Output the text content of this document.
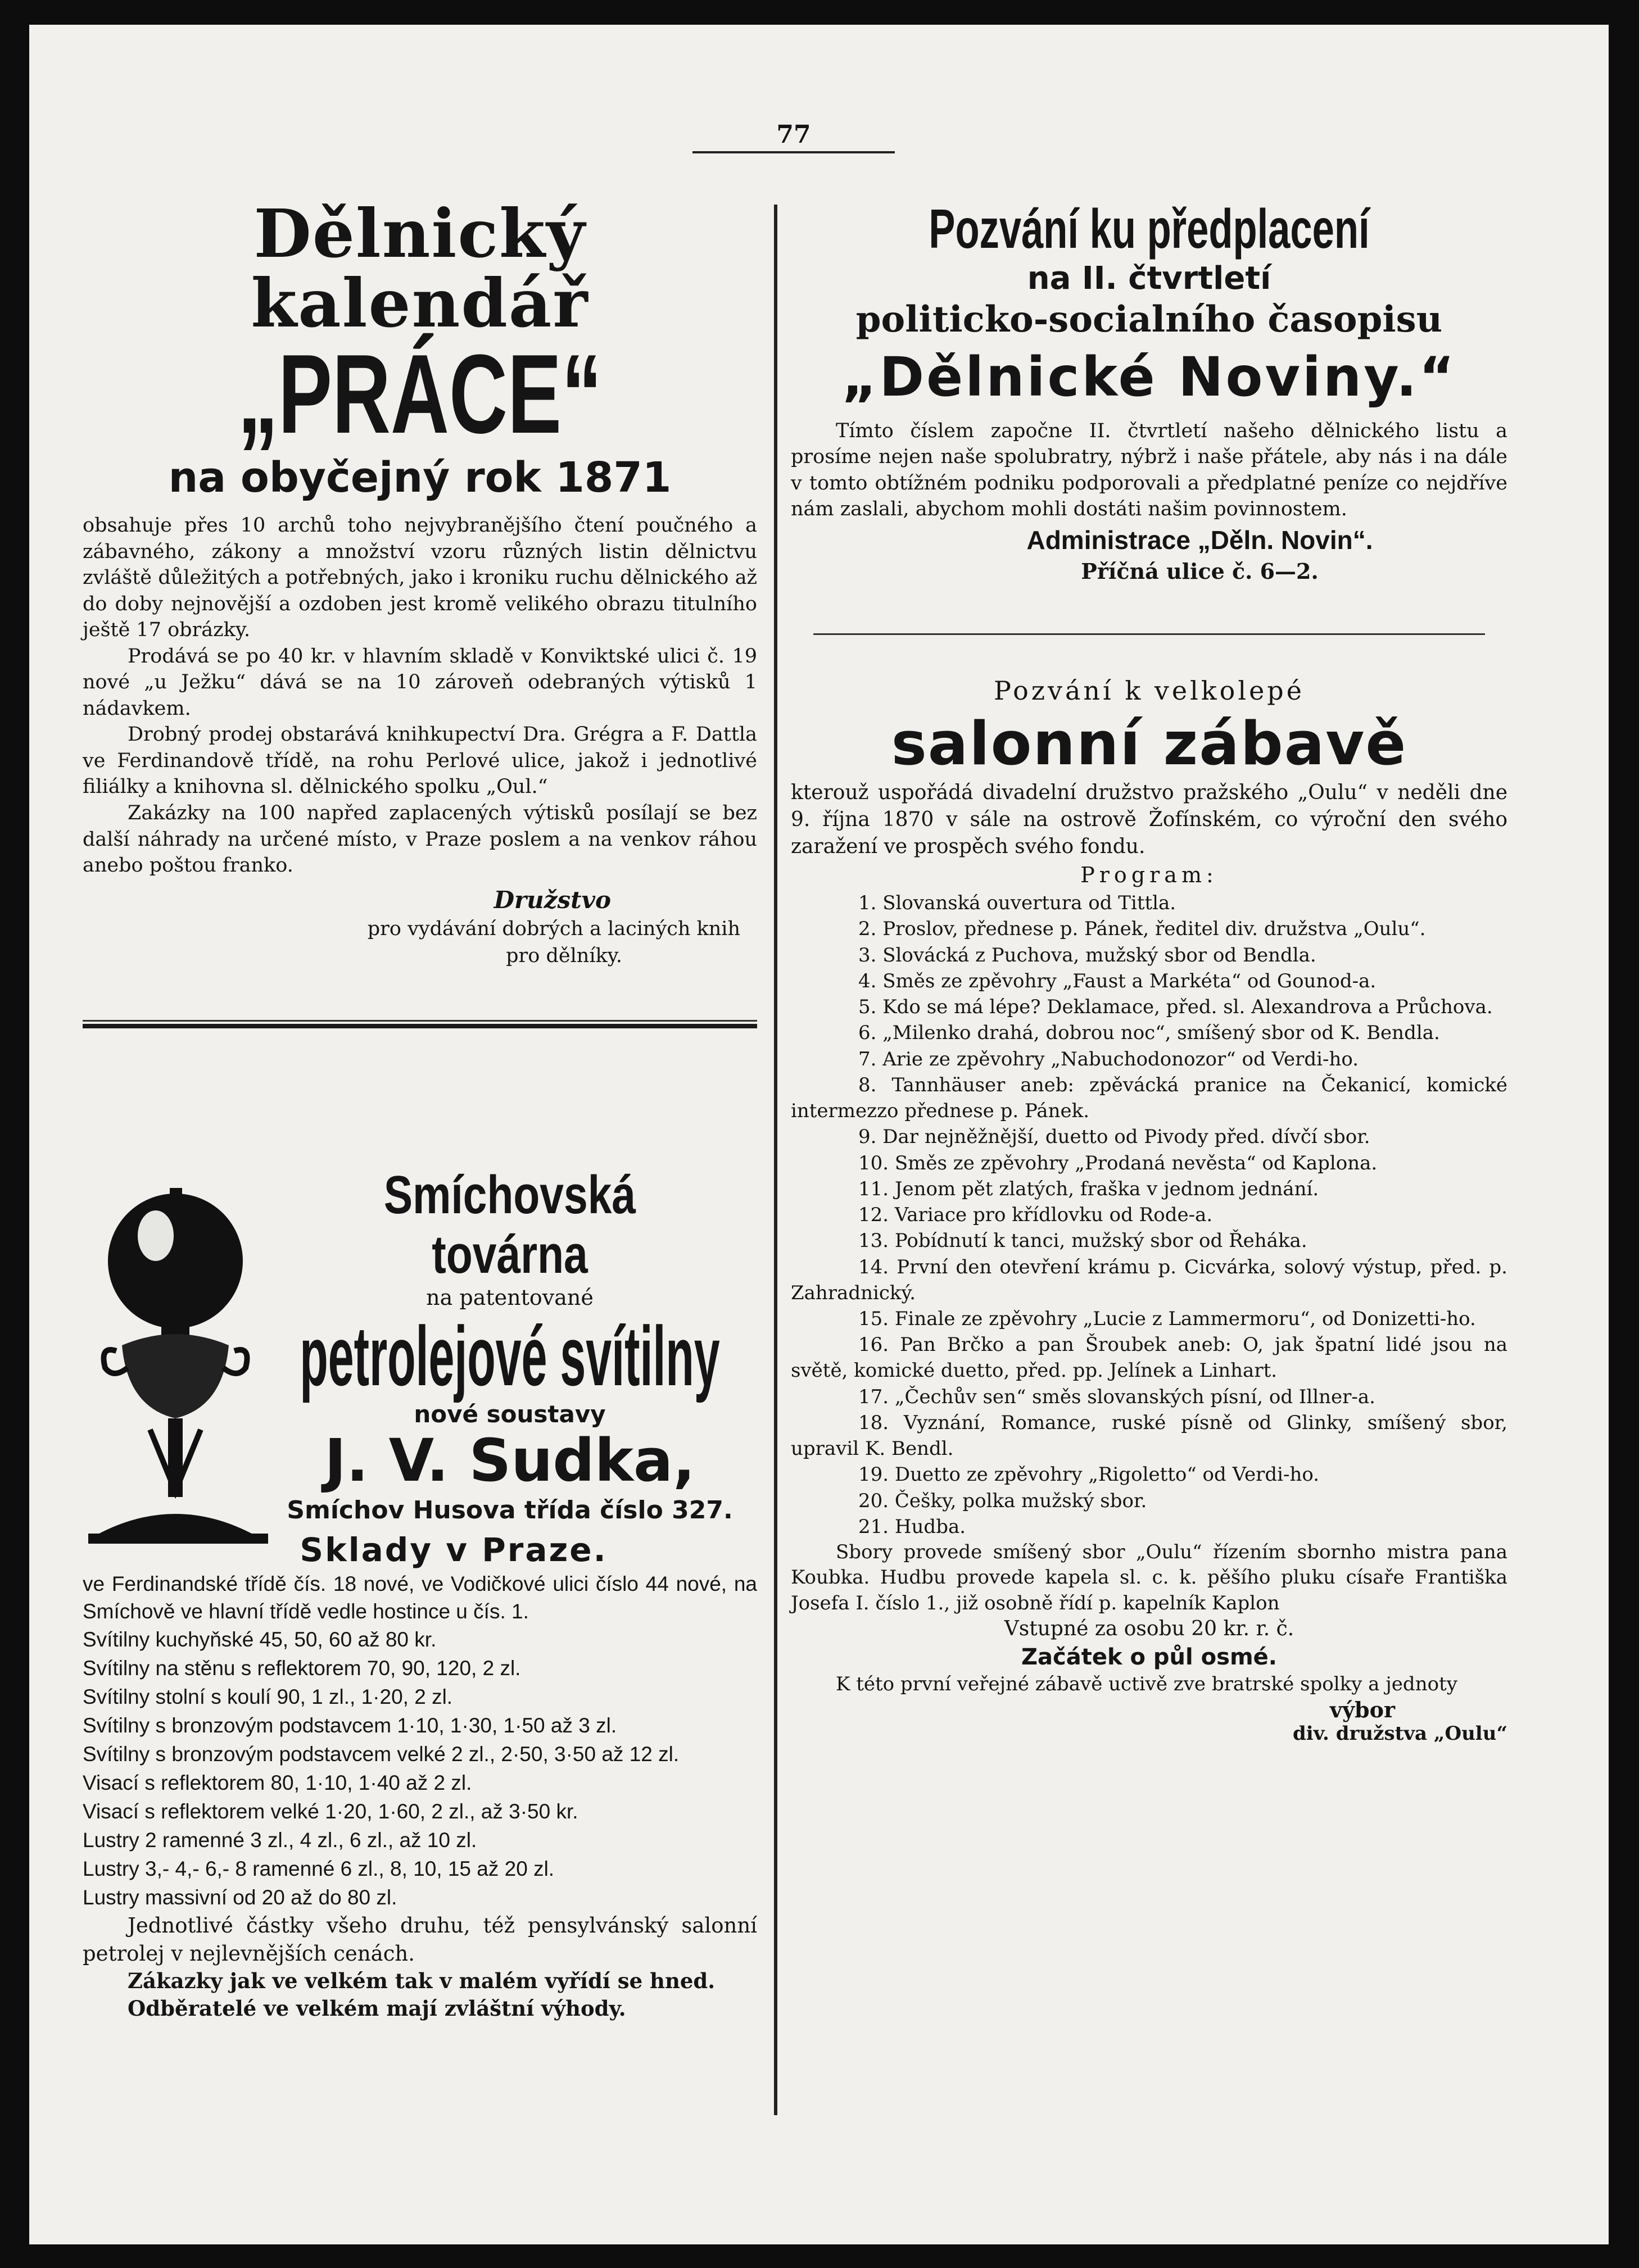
77
Dělnický kalendář
„PRÁCE“
na obyčejný rok 1871

obsahuje přes 10 archů toho nejvybranějšího čtení poučného a zábavného, zákony a množství vzoru různých listin dělnictvu zvláště důležitých a potřebných, jako i kroniku ruchu dělnického až do doby nejnovější a ozdoben jest kromě velikého obrazu titulního ještě 17 obrázky.

Prodává se po 40 kr. v hlavním skladě v Konviktské ulici č. 19 nové „u Ježku“ dává se na 10 zároveň odebraných výtisků 1 nádavkem.

Drobný prodej obstarává knihkupectví Dra. Grégra a F. Dattla ve Ferdinandově třídě, na rohu Perlové ulice, jakož i jednotlivé filiálky a knihovna sl. dělnického spolku „Oul.“

Zakázky na 100 napřed zaplacených výtisků posílají se bez další náhrady na určené místo, v Praze poslem a na venkov ráhou anebo poštou franko.

Družstvo
pro vydávání dobrých a laciných knih
pro dělníky.
Smíchovská továrna
na patentované
petrolejové svítilny
nové soustavy
J. V. Sudka,
Smíchov Husova třída číslo 327.
Sklady v Praze.

ve Ferdinandské třídě čís. 18 nové, ve Vodičkové ulici číslo 44 nové, na Smíchově ve hlavní třídě vedle hostince u čís. 1.

Svítilny kuchyňské 45, 50, 60 až 80 kr.
Svítilny na stěnu s reflektorem 70, 90, 120, 2 zl.
Svítilny stolní s koulí 90, 1 zl., 1·20, 2 zl.
Svítilny s bronzovým podstavcem 1·10, 1·30, 1·50 až 3 zl.
Svítilny s bronzovým podstavcem velké 2 zl., 2·50, 3·50 až 12 zl.
Visací s reflektorem 80, 1·10, 1·40 až 2 zl.
Visací s reflektorem velké 1·20, 1·60, 2 zl., až 3·50 kr.
Lustry 2 ramenné 3 zl., 4 zl., 6 zl., až 10 zl.
Lustry 3,- 4,- 6,- 8 ramenné 6 zl., 8, 10, 15 až 20 zl.
Lustry massivní od 20 až do 80 zl.

Jednotlivé částky všeho druhu, též pensylvánský salonní petrolej v nejlevnějších cenách.

Zákazky jak ve velkém tak v malém vyřídí se hned.

Odběratelé ve velkém mají zvláštní výhody.

Pozvání ku předplacení
na II. čtvrtletí
politicko-socialního časopisu
„Dělnické Noviny.“

Tímto číslem započne II. čtvrtletí našeho dělnického listu a prosíme nejen naše spolubratry, nýbrž i naše přátele, aby nás i na dále v tomto obtížném podniku podporovali a předplatné peníze co nejdříve nám zaslali, abychom mohli dostáti našim povinnostem.

Administrace „Děln. Novin“.
Příčná ulice č. 6—2.
Pozvání k velkolepé
salonní zábavě

kterouž uspořádá divadelní družstvo pražského „Oulu“ v neděli dne 9. října 1870 v sále na ostrově Žofínském, co výroční den svého zaražení ve prospěch svého fondu.

Program:
1. Slovanská ouvertura od Tittla.
2. Proslov, přednese p. Pánek, ředitel div. družstva „Oulu“.
3. Slovácká z Puchova, mužský sbor od Bendla.
4. Směs ze zpěvohry „Faust a Markéta“ od Gounod-a.
5. Kdo se má lépe? Deklamace, před. sl. Alexandrova a Průchova.
6. „Milenko drahá, dobrou noc“, smíšený sbor od K. Bendla.
7. Arie ze zpěvohry „Nabuchodonozor“ od Verdi-ho.
8. Tannhäuser aneb: zpěvácká pranice na Čekanicí, komické intermezzo přednese p. Pánek.
9. Dar nejněžnější, duetto od Pivody před. dívčí sbor.
10. Směs ze zpěvohry „Prodaná nevěsta“ od Kaplona.
11. Jenom pět zlatých, fraška v jednom jednání.
12. Variace pro křídlovku od Rode-a.
13. Pobídnutí k tanci, mužský sbor od Řeháka.
14. První den otevření krámu p. Cicvárka, solový výstup, před. p. Zahradnický.
15. Finale ze zpěvohry „Lucie z Lammermoru“, od Donizetti-ho.
16. Pan Brčko a pan Šroubek aneb: O, jak špatní lidé jsou na světě, komické duetto, před. pp. Jelínek a Linhart.
17. „Čechův sen“ směs slovanských písní, od Illner-a.
18. Vyznání, Romance, ruské písně od Glinky, smíšený sbor, upravil K. Bendl.
19. Duetto ze zpěvohry „Rigoletto“ od Verdi-ho.
20. Češky, polka mužský sbor.
21. Hudba.

Sbory provede smíšený sbor „Oulu“ řízením sbornho mistra pana Koubka. Hudbu provede kapela sl. c. k. pěšího pluku císaře Františka Josefa I. číslo 1., již osobně řídí p. kapelník Kaplon

Vstupné za osobu 20 kr. r. č.
Začátek o půl osmé.

K této první veřejné zábavě uctivě zve bratrské spolky a jednoty

výbor
div. družstva „Oulu“
